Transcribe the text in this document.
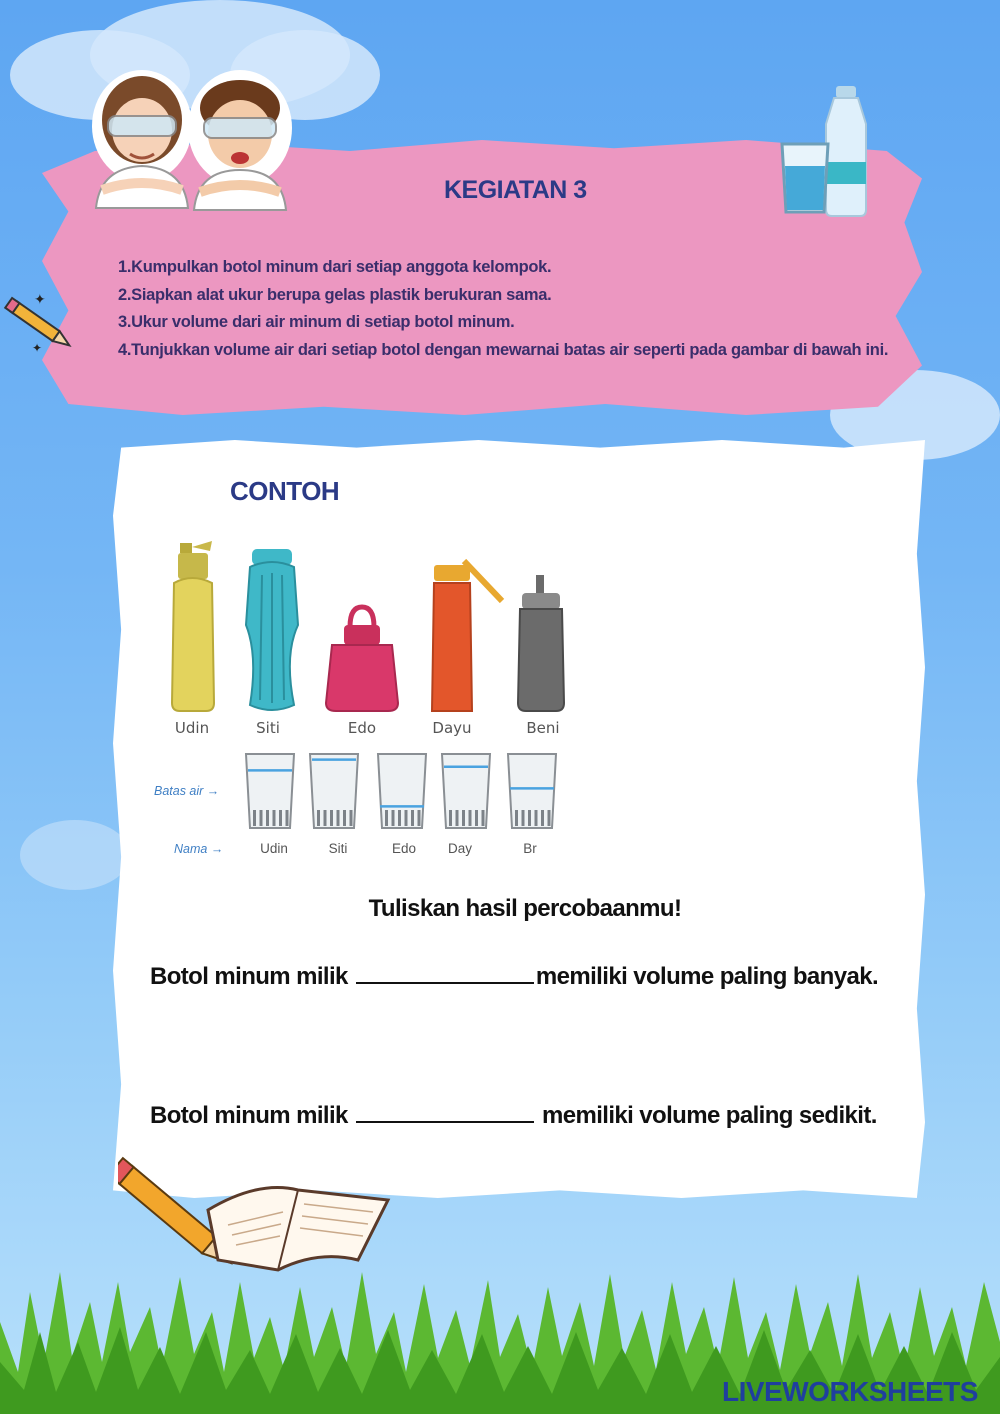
KEGIATAN 3
1.Kumpulkan botol minum dari setiap anggota kelompok.
2.Siapkan alat ukur berupa gelas plastik berukuran sama.
3.Ukur volume dari air minum di setiap botol minum.
4.Tunjukkan volume air dari setiap botol dengan mewarnai batas air seperti pada gambar di bawah ini.
✦
✦
CONTOH
Udin	Siti	Edo	Dayu	Beni
Batas air →
Nama →	Udin	Siti	Edo	Day	Br
Tuliskan hasil percobaanmu!
Botol minum milik	memiliki volume paling banyak.
Botol minum milik	memiliki volume paling sedikit.
LIVEWORKSHEETS
